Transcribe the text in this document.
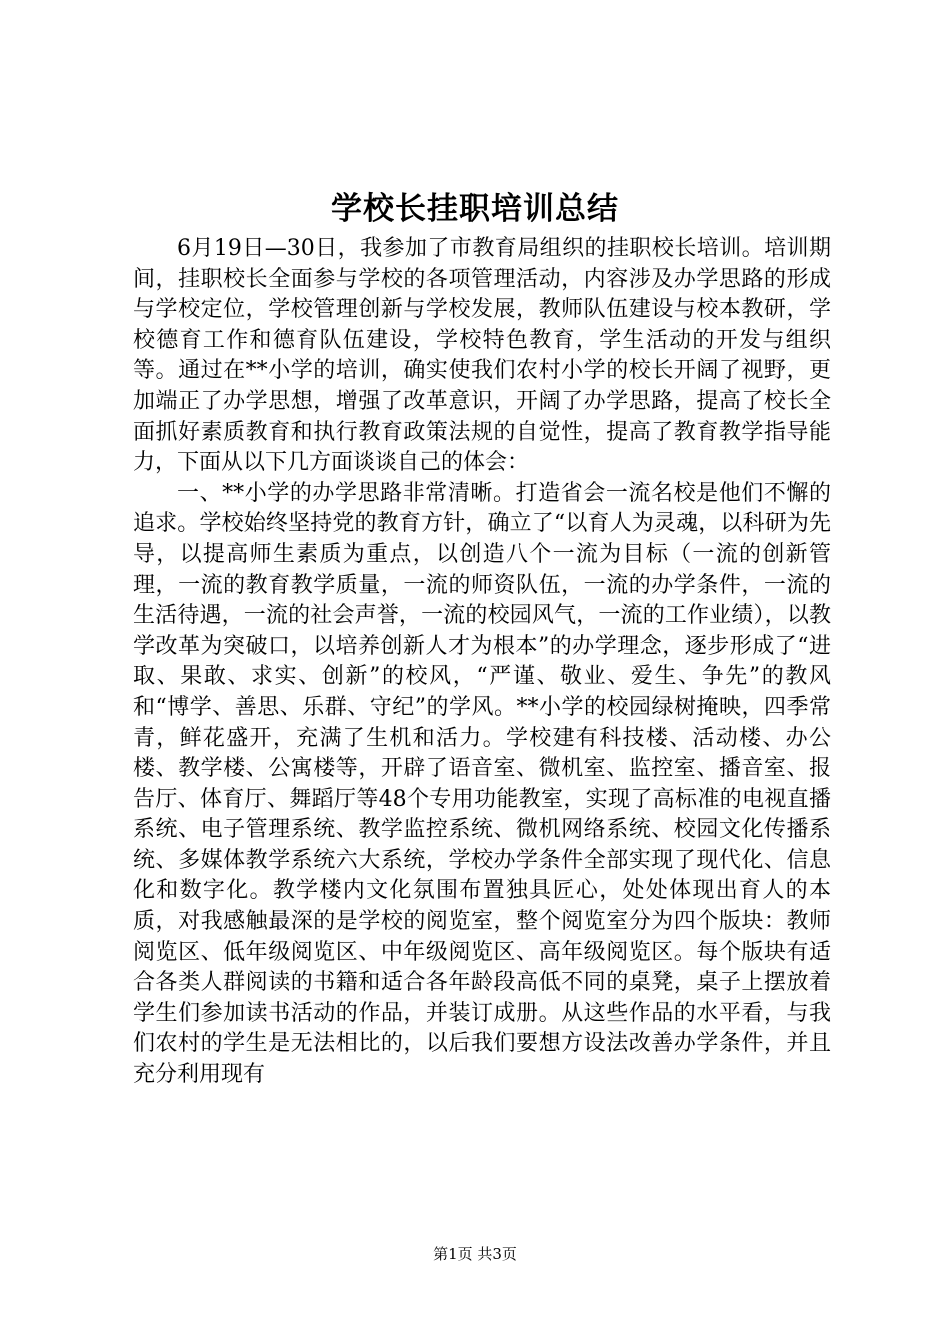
学校长挂职培训总结

6月19日—30日，我参加了市教育局组织的挂职校长培训。培训期间，挂职校长全面参与学校的各项管理活动，内容涉及办学思路的形成与学校定位，学校管理创新与学校发展，教师队伍建设与校本教研，学校德育工作和德育队伍建设，学校特色教育，学生活动的开发与组织等。通过在**小学的培训，确实使我们农村小学的校长开阔了视野，更加端正了办学思想，增强了改革意识，开阔了办学思路，提高了校长全面抓好素质教育和执行教育政策法规的自觉性，提高了教育教学指导能力，下面从以下几方面谈谈自己的体会：

一、**小学的办学思路非常清晰。打造省会一流名校是他们不懈的追求。学校始终坚持党的教育方针，确立了“以育人为灵魂，以科研为先导，以提高师生素质为重点，以创造八个一流为目标（一流的创新管理，一流的教育教学质量，一流的师资队伍，一流的办学条件，一流的生活待遇，一流的社会声誉，一流的校园风气，一流的工作业绩），以教学改革为突破口，以培养创新人才为根本”的办学理念，逐步形成了“进取、果敢、求实、创新”的校风，“严谨、敬业、爱生、争先”的教风和“博学、善思、乐群、守纪”的学风。**小学的校园绿树掩映，四季常青，鲜花盛开，充满了生机和活力。学校建有科技楼、活动楼、办公楼、教学楼、公寓楼等，开辟了语音室、微机室、监控室、播音室、报告厅、体育厅、舞蹈厅等48个专用功能教室，实现了高标准的电视直播系统、电子管理系统、教学监控系统、微机网络系统、校园文化传播系统、多媒体教学系统六大系统，学校办学条件全部实现了现代化、信息化和数字化。教学楼内文化氛围布置独具匠心，处处体现出育人的本质，对我感触最深的是学校的阅览室，整个阅览室分为四个版块：教师阅览区、低年级阅览区、中年级阅览区、高年级阅览区。每个版块有适合各类人群阅读的书籍和适合各年龄段高低不同的桌凳，桌子上摆放着学生们参加读书活动的作品，并装订成册。从这些作品的水平看，与我们农村的学生是无法相比的，以后我们要想方设法改善办学条件，并且充分利用现有

第1页 共3页
